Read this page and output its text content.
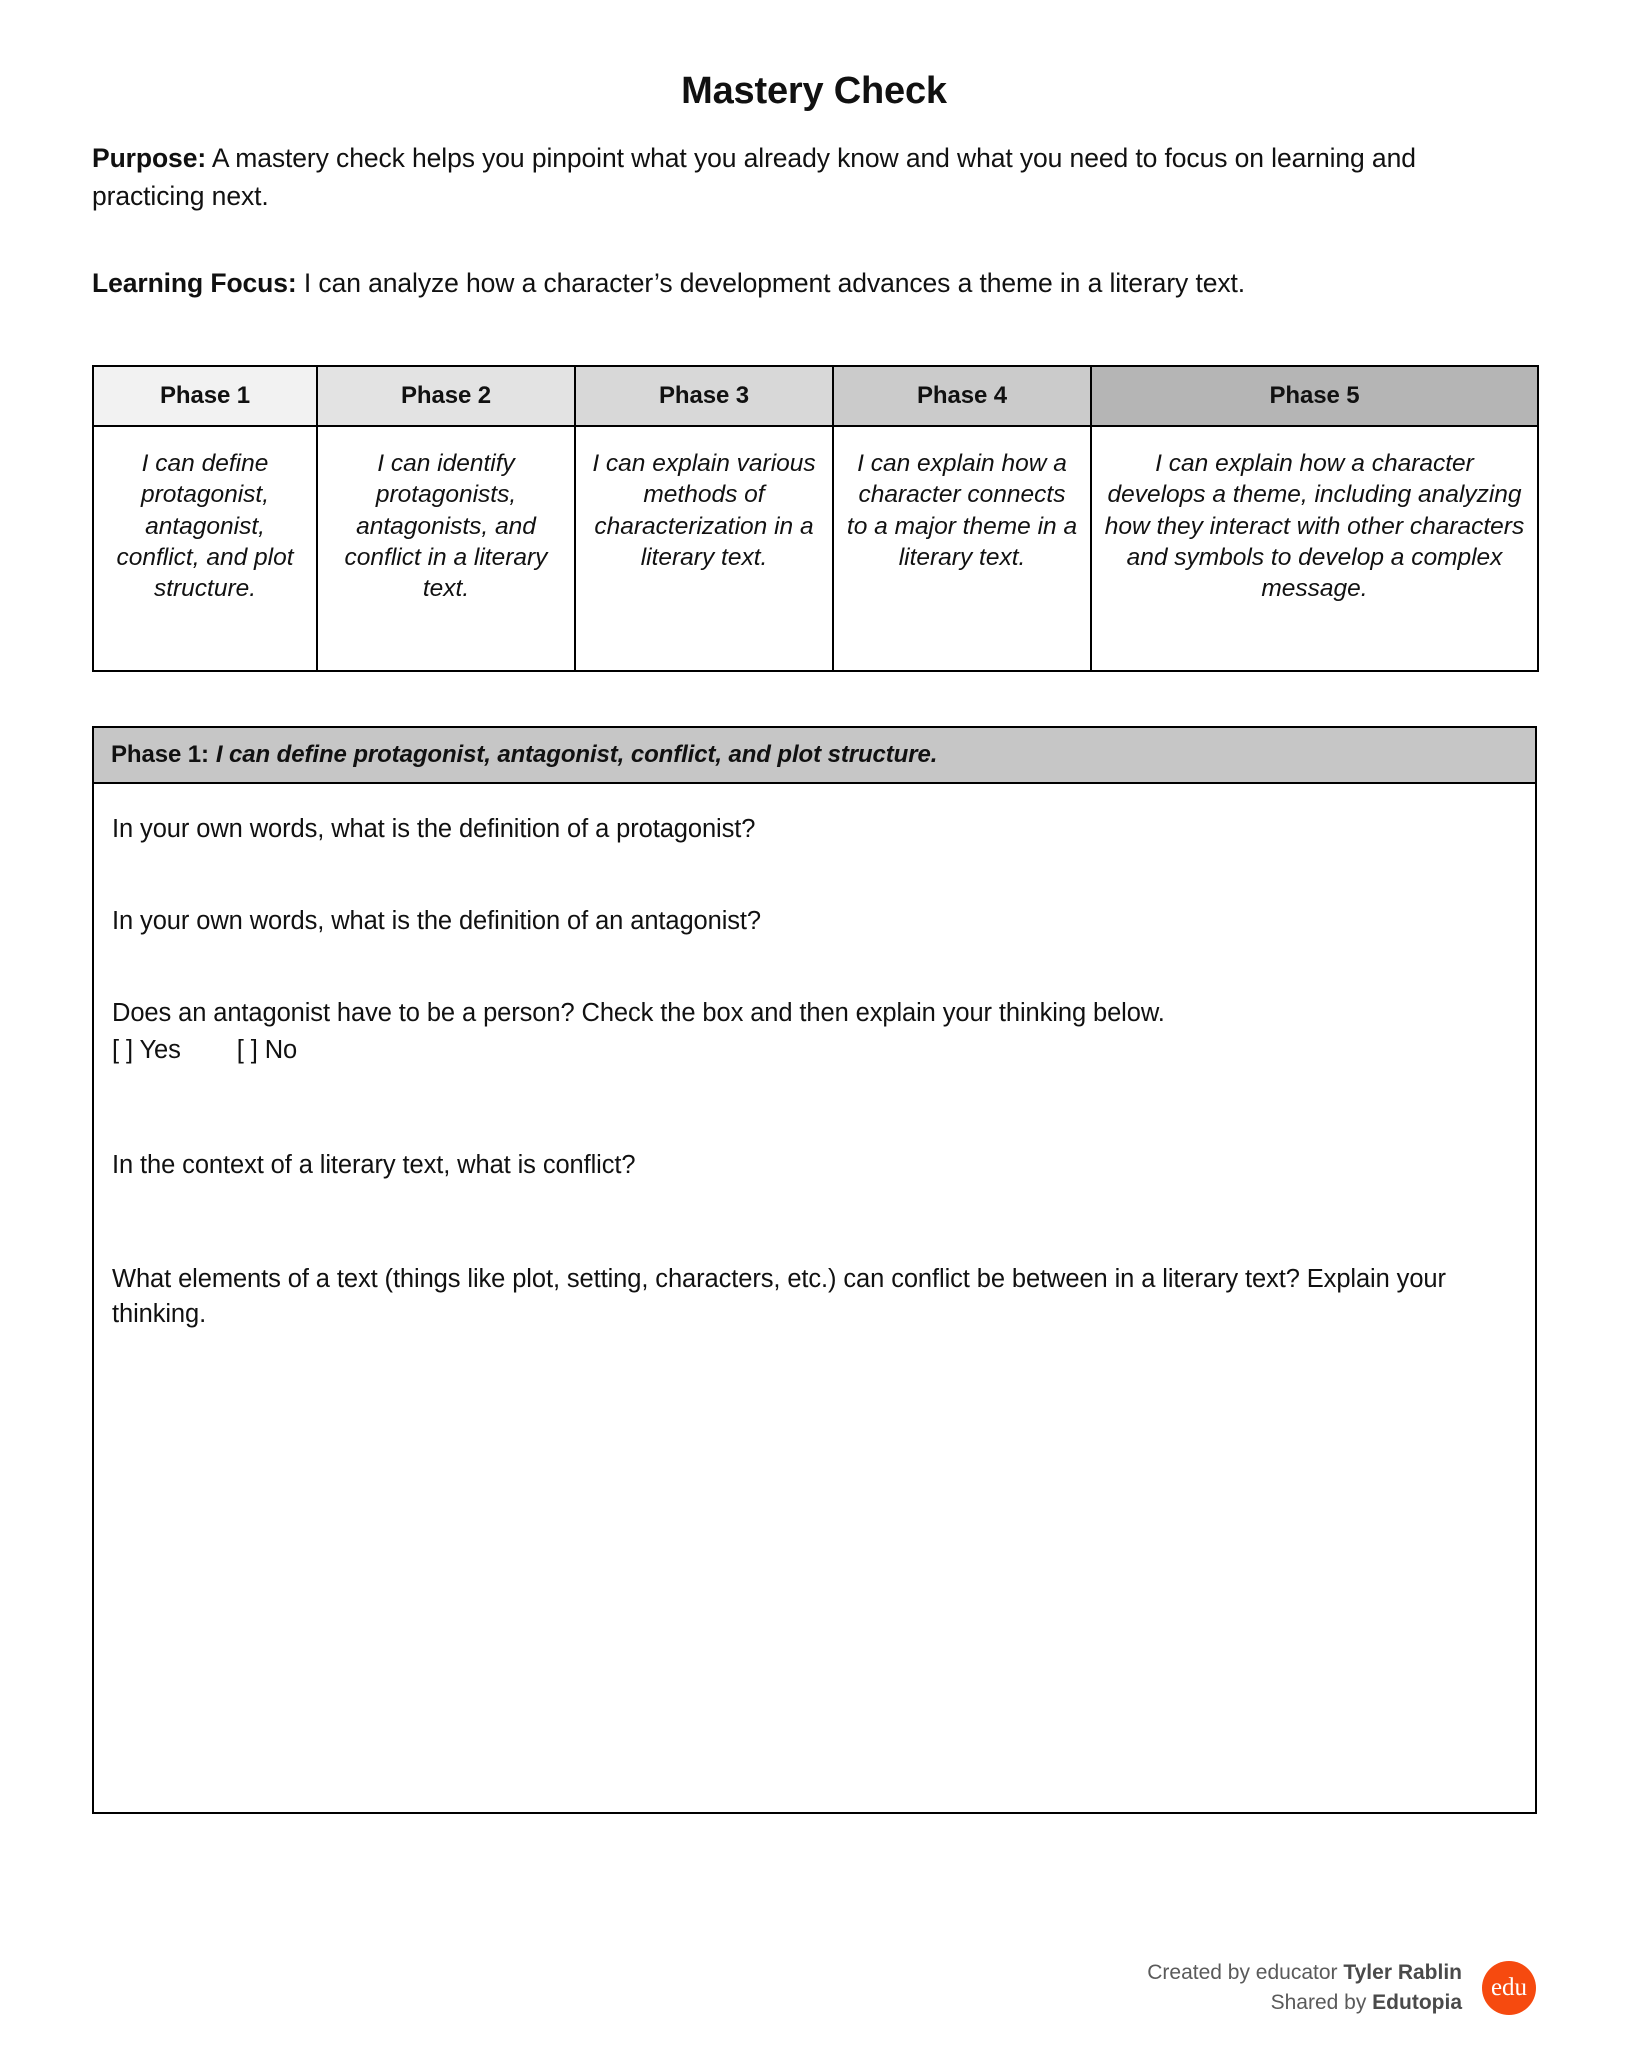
Mastery Check

Purpose: A mastery check helps you pinpoint what you already know and what you need to focus on learning and practicing next.

Learning Focus: I can analyze how a character’s development advances a theme in a literary text.

Phase 1	Phase 2	Phase 3	Phase 4	Phase 5

I can define protagonist, antagonist, conflict, and plot structure.	I can identify protagonists, antagonists, and conflict in a literary text.	I can explain various methods of characterization in a literary text.	I can explain how a character connects to a major theme in a literary text.	I can explain how a character develops a theme, including analyzing how they interact with other characters and symbols to develop a complex message.
Phase 1: I can define protagonist, antagonist, conflict, and plot structure.
In your own words, what is the definition of a protagonist?
In your own words, what is the definition of an antagonist?
Does an antagonist have to be a person? Check the box and then explain your thinking below.
[ ] Yes [ ] No
In the context of a literary text, what is conflict?
What elements of a text (things like plot, setting, characters, etc.) can conflict be between in a literary text? Explain your thinking.
Created by educator Tyler Rablin
Shared by Edutopia
edu
